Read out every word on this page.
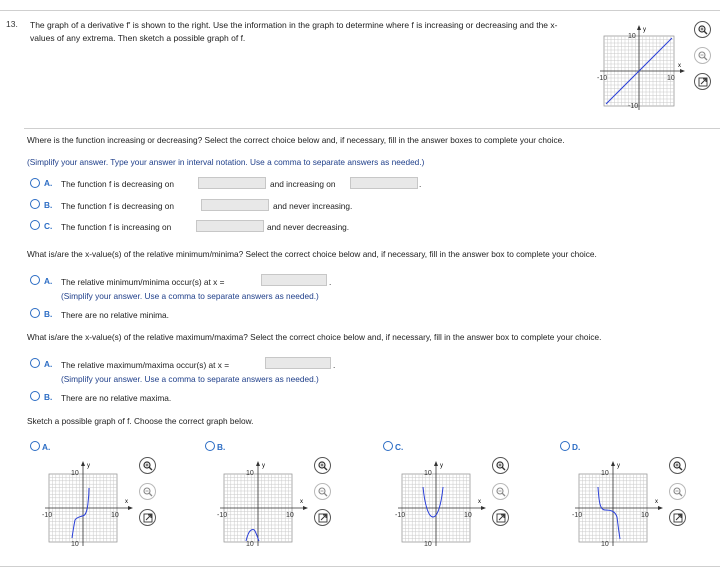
13. The graph of a derivative f′ is shown to the right. Use the information in the graph to determine where f is increasing or decreasing and the x-values of any extrema. Then sketch a possible graph of f.
y
x
10
-10
-10	10
Where is the function increasing or decreasing? Select the correct choice below and, if necessary, fill in the answer boxes to complete your choice.
(Simplify your answer. Type your answer in interval notation. Use a comma to separate answers as needed.)
A. The function f is decreasing on	and increasing on	.
B. The function f is decreasing on	and never increasing.
C. The function f is increasing on	and never decreasing.
What is/are the x-value(s) of the relative minimum/minima? Select the correct choice below and, if necessary, fill in the answer box to complete your choice.
A. The relative minimum/minima occur(s) at x =	.
(Simplify your answer. Use a comma to separate answers as needed.)
B. There are no relative minima.
What is/are the x-value(s) of the relative maximum/maxima? Select the correct choice below and, if necessary, fill in the answer box to complete your choice.
A. The relative maximum/maxima occur(s) at x =	.
(Simplify your answer. Use a comma to separate answers as needed.)
B. There are no relative maxima.
Sketch a possible graph of f. Choose the correct graph below.
A.
y
x
10
10
-10	10
B.
y
x
10
10
-10	10
C.
y
x
10
10
-10	10
D.
y
x
10
10
-10	10
